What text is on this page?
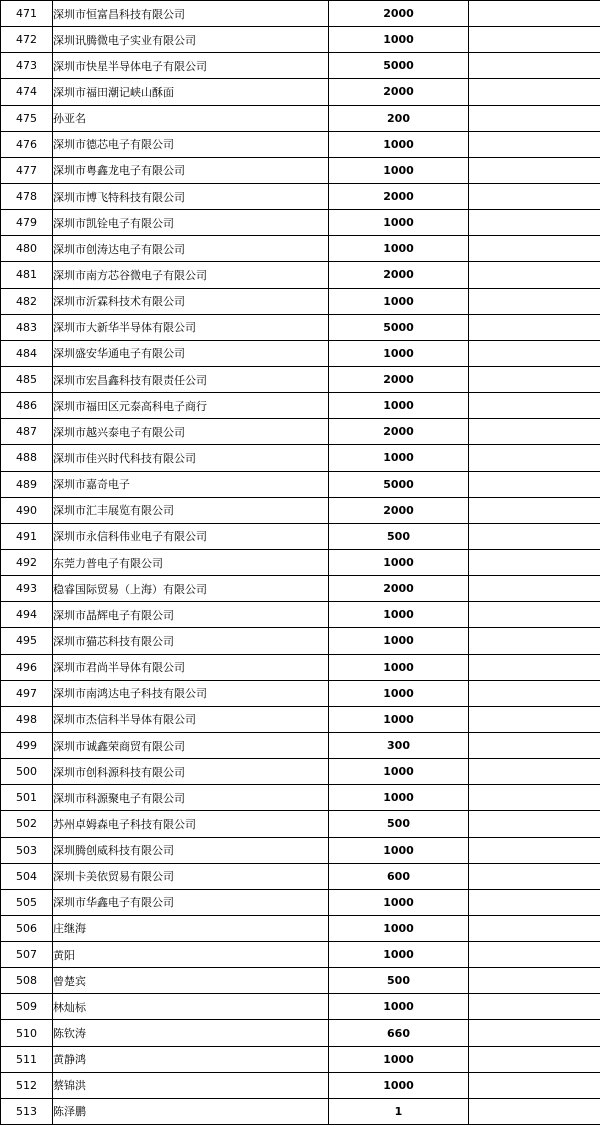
471	深圳市恒富昌科技有限公司	2000	
472	深圳讯腾微电子实业有限公司	1000	
473	深圳市快星半导体电子有限公司	5000	
474	深圳市福田潮记峡山酥面	2000	
475	孙亚名	200	
476	深圳市德芯电子有限公司	1000	
477	深圳市粤鑫龙电子有限公司	1000	
478	深圳市博飞特科技有限公司	2000	
479	深圳市凯铨电子有限公司	1000	
480	深圳市创涛达电子有限公司	1000	
481	深圳市南方芯谷微电子有限公司	2000	
482	深圳市沂霖科技术有限公司	1000	
483	深圳市大新华半导体有限公司	5000	
484	深圳盛安华通电子有限公司	1000	
485	深圳市宏昌鑫科技有限责任公司	2000	
486	深圳市福田区元泰高科电子商行	1000	
487	深圳市越兴泰电子有限公司	2000	
488	深圳市佳兴时代科技有限公司	1000	
489	深圳市嘉奇电子	5000	
490	深圳市汇丰展览有限公司	2000	
491	深圳市永信科伟业电子有限公司	500	
492	东莞力普电子有限公司	1000	
493	稳睿国际贸易（上海）有限公司	2000	
494	深圳市晶辉电子有限公司	1000	
495	深圳市猫芯科技有限公司	1000	
496	深圳市君尚半导体有限公司	1000	
497	深圳市南鸿达电子科技有限公司	1000	
498	深圳市杰信科半导体有限公司	1000	
499	深圳市诚鑫荣商贸有限公司	300	
500	深圳市创科源科技有限公司	1000	
501	深圳市科源聚电子有限公司	1000	
502	苏州卓姆森电子科技有限公司	500	
503	深圳腾创威科技有限公司	1000	
504	深圳卡美依贸易有限公司	600	
505	深圳市华鑫电子有限公司	1000	
506	庄继海	1000	
507	黄阳	1000	
508	曾楚宾	500	
509	林灿标	1000	
510	陈钦涛	660	
511	黄静鸿	1000	
512	蔡锦洪	1000	
513	陈泽鹏	1	
